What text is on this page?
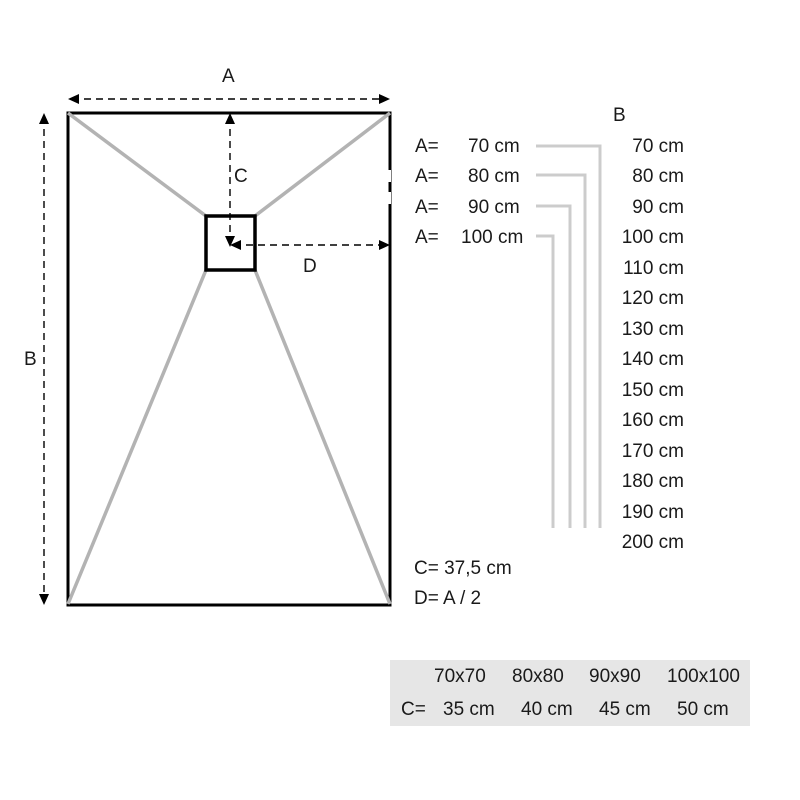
A
B
C
D
B
A= 70 cm
A= 80 cm
A= 90 cm
A= 100 cm
70 cm
80 cm
90 cm
100 cm
110 cm
120 cm
130 cm
140 cm
150 cm
160 cm
170 cm
180 cm
190 cm
200 cm
C= 37,5 cm
D= A / 2
70x70 80x80 90x90 100x100
C= 35 cm 40 cm 45 cm 50 cm
